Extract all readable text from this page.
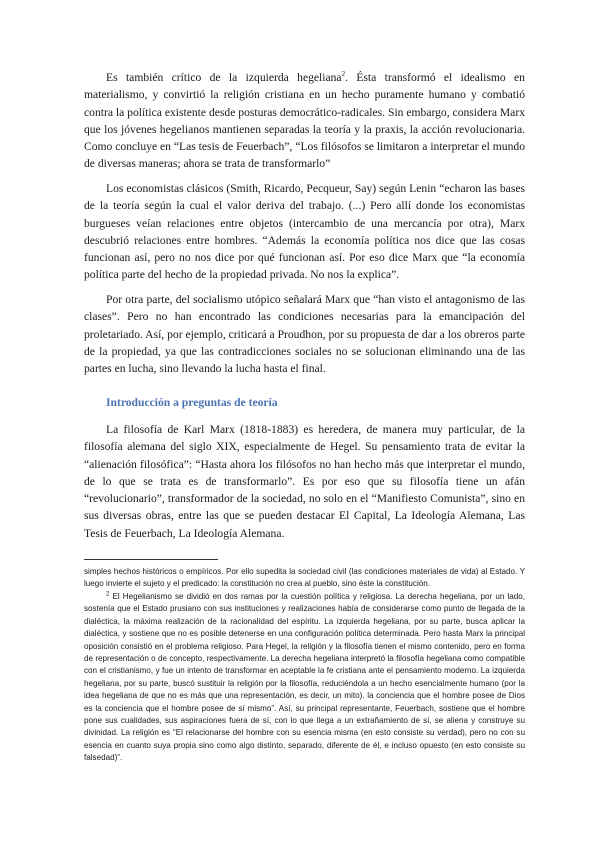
Es también crítico de la izquierda hegeliana$^2$. Ésta transformó el idealismo en materialismo, y convirtió la religión cristiana en un hecho puramente humano y combatió contra la política existente desde posturas democrático-radicales. Sin embargo, considera Marx que los jóvenes hegelianos mantienen separadas la teoría y la praxis, la acción revolucionaria. Como concluye en “Las tesis de Feuerbach”, “Los filósofos se limitaron a interpretar el mundo de diversas maneras; ahora se trata de transformarlo”

Los economistas clásicos (Smith, Ricardo, Pecqueur, Say) según Lenin “echaron las bases de la teoría según la cual el valor deriva del trabajo. (...) Pero allí donde los economistas burgueses veían relaciones entre objetos (intercambio de una mercancía por otra), Marx descubrió relaciones entre hombres. “Además la economía política nos dice que las cosas funcionan así, pero no nos dice por qué funcionan así. Por eso dice Marx que “la economía política parte del hecho de la propiedad privada. No nos la explica”.

Por otra parte, del socialismo utópico señalará Marx que “han visto el antagonismo de las clases”. Pero no han encontrado las condiciones necesarias para la emancipación del proletariado. Así, por ejemplo, criticará a Proudhon, por su propuesta de dar a los obreros parte de la propiedad, ya que las contradicciones sociales no se solucionan eliminando una de las partes en lucha, sino llevando la lucha hasta el final.

Introducción a preguntas de teoría

La filosofía de Karl Marx (1818-1883) es heredera, de manera muy particular, de la filosofía alemana del siglo XIX, especialmente de Hegel. Su pensamiento trata de evitar la “alienación filosófica”: “Hasta ahora los filósofos no han hecho más que interpretar el mundo, de lo que se trata es de transformarlo”. Es por eso que su filosofía tiene un afán “revolucionario”, transformador de la sociedad, no solo en el “Manifiesto Comunista”, sino en sus diversas obras, entre las que se pueden destacar El Capital, La Ideología Alemana, Las Tesis de Feuerbach, La Ideología Alemana.

simples hechos históricos o empíricos. Por ello supedita la sociedad civil (las condiciones materiales de vida) al Estado. Y luego invierte el sujeto y el predicado: la constitución no crea al pueblo, sino éste la constitución.

$^2$ El Hegelianismo se dividió en dos ramas por la cuestión política y religiosa. La derecha hegeliana, por un lado, sostenía que el Estado prusiano con sus instituciones y realizaciones había de considerarse como punto de llegada de la dialéctica, la máxima realización de la racionalidad del espíritu. La izquierda hegeliana, por su parte, busca aplicar la dialéctica, y sostiene que no es posible detenerse en una configuración política determinada. Pero hasta Marx la principal oposición consistió en el problema religioso. Para Hegel, la religión y la filosofía tienen el mismo contenido, pero en forma de representación o de concepto, respectivamente. La derecha hegeliana interpretó la filosofía hegeliana como compatible con el cristianismo, y fue un intento de transformar en aceptable la fe cristiana ante el pensamiento moderno. La izquierda hegeliana, por su parte, buscó sustituir la religión por la filosofía, reduciéndola a un hecho esencialmente humano (por la idea hegeliana de que no es más que una representación, es decir, un mito). la conciencia que el hombre posee de Dios es la conciencia que el hombre posee de sí mismo”. Así, su principal representante, Feuerbach, sostiene que el hombre pone sus cualidades, sus aspiraciones fuera de sí, con lo que llega a un extrañamiento de sí, se aliena y construye su divinidad. La religión es “El relacionarse del hombre con su esencia misma (en esto consiste su verdad), pero no con su esencia en cuanto suya propia sino como algo distinto, separado, diferente de él, e incluso opuesto (en esto consiste su falsedad)”.
